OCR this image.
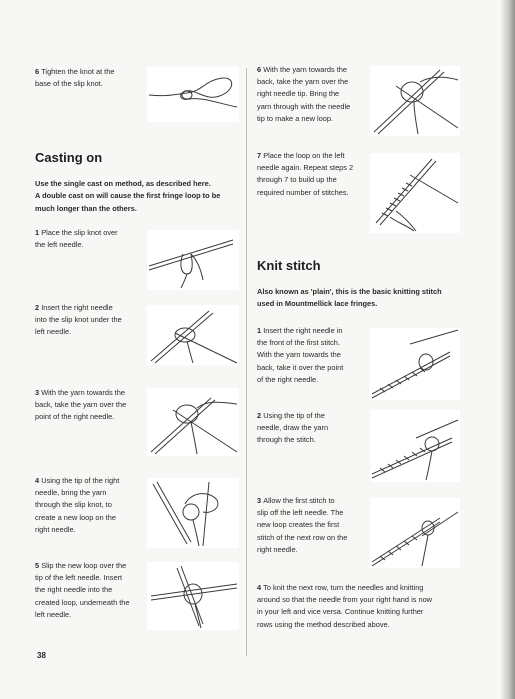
6 Tighten the knot at the
base of the slip knot.
Casting on
Use the single cast on method, as described here.
A double cast on will cause the first fringe loop to be
much longer than the others.
1 Place the slip knot over
the left needle.
2 Insert the right needle
into the slip knot under the
left needle.
3 With the yarn towards the
back, take the yarn over the
point of the right needle.
4 Using the tip of the right
needle, bring the yarn
through the slip knot, to
create a new loop on the
right needle.
5 Slip the new loop over the
tip of the left needle. Insert
the right needle into the
created loop, underneath the
left needle.
38
6 With the yarn towards the
back, take the yarn over the
right needle tip. Bring the
yarn through with the needle
tip to make a new loop.
7 Place the loop on the left
needle again. Repeat steps 2
through 7 to build up the
required number of stitches.
Knit stitch
Also known as 'plain', this is the basic knitting stitch
used in Mountmellick lace fringes.
1 Insert the right needle in
the front of the first stitch.
With the yarn towards the
back, take it over the point
of the right needle.
2 Using the tip of the
needle, draw the yarn
through the stitch.
3 Allow the first stitch to
slip off the left needle. The
new loop creates the first
stitch of the next row on the
right needle.
4 To knit the next row, turn the needles and knitting
around so that the needle from your right hand is now
in your left and vice versa. Continue knitting further
rows using the method described above.
